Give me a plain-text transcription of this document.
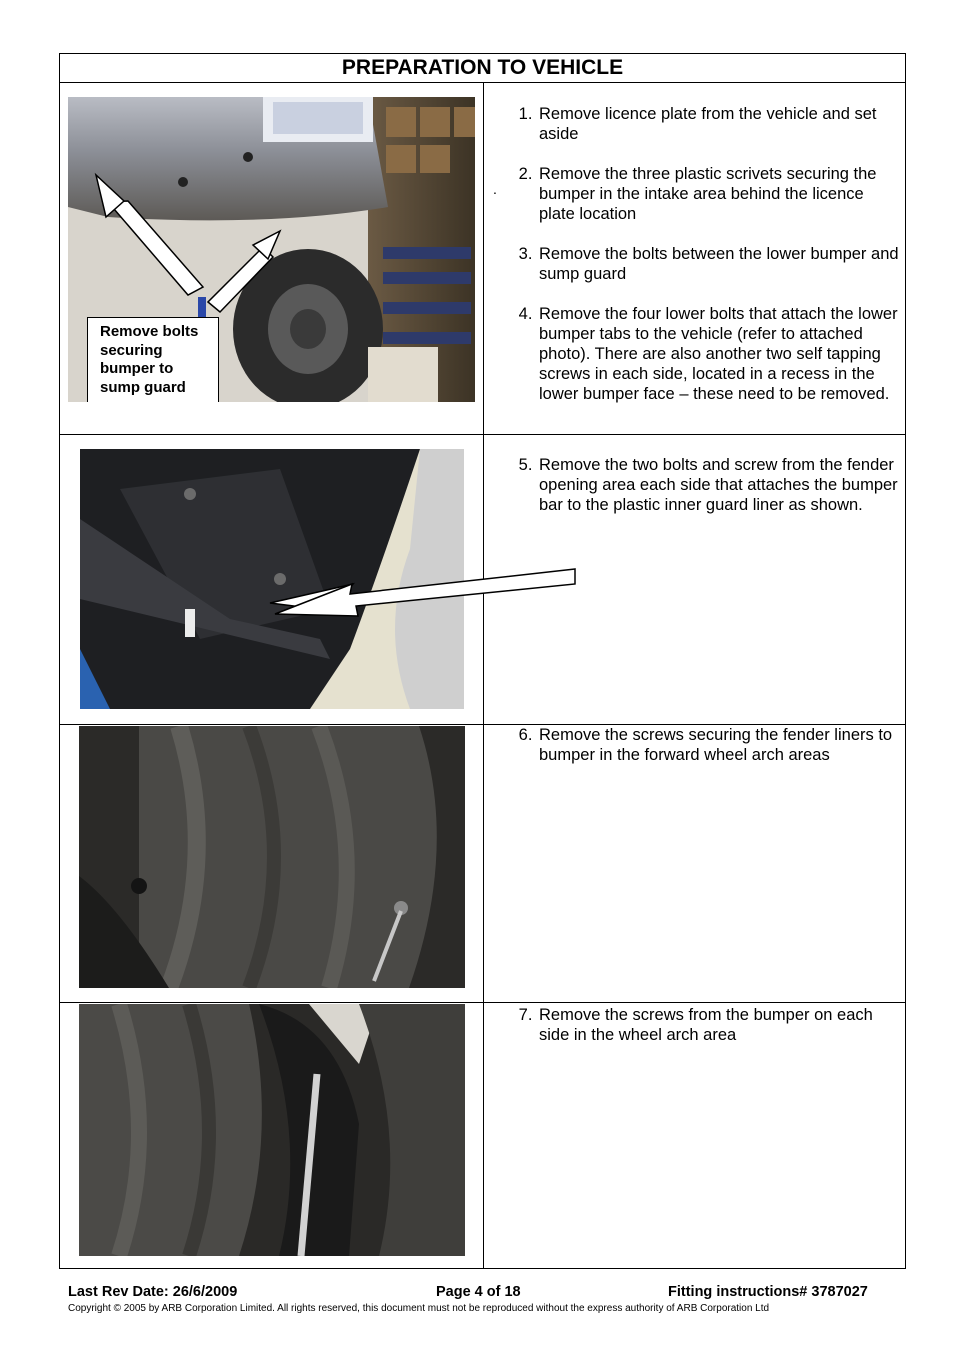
PREPARATION TO VEHICLE
Remove bolts securing bumper to sump guard
.
1. Remove licence plate from the vehicle and set aside
2. Remove the three plastic scrivets securing the bumper in the intake area behind the licence plate location
3. Remove the bolts between the lower bumper and sump guard
4. Remove the four lower bolts that attach the lower bumper tabs to the vehicle (refer to attached photo). There are also another two self tapping screws in each side, located in a recess in the lower bumper face – these need to be removed.
5. Remove the two bolts and screw from the fender opening area each side that attaches the bumper bar to the plastic inner guard liner as shown.
6. Remove the screws securing the fender liners to bumper in the forward wheel arch areas
7. Remove the screws from the bumper on each side in the wheel arch area
Last Rev Date: 26/6/2009	Page 4 of 18	Fitting instructions# 3787027
Copyright © 2005 by ARB Corporation Limited. All rights reserved, this document must not be reproduced without the express authority of ARB Corporation Ltd
